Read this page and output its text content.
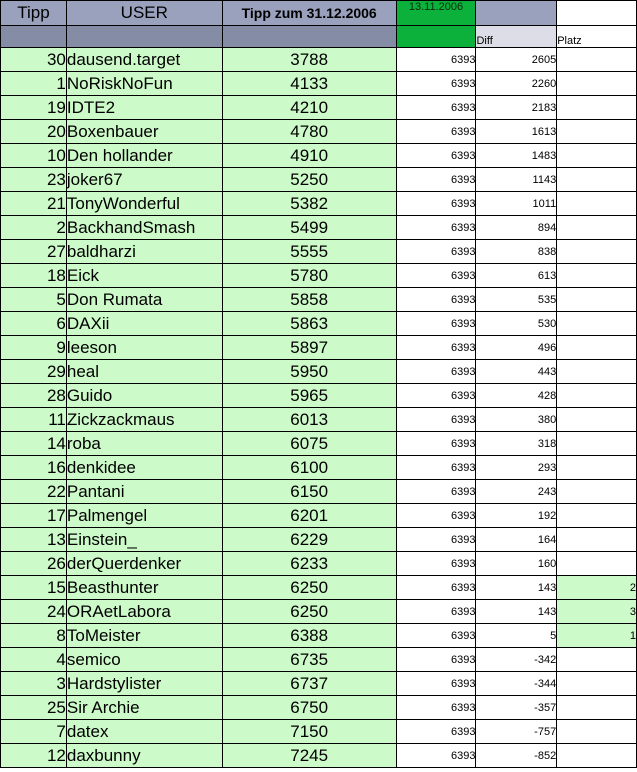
Tipp	USER	Tipp zum 31.12.2006	13.11.2006		
				Diff	Platz
30	dausend.target	3788	6393	2605	
1	NoRiskNoFun	4133	6393	2260	
19	IDTE2	4210	6393	2183	
20	Boxenbauer	4780	6393	1613	
10	Den hollander	4910	6393	1483	
23	joker67	5250	6393	1143	
21	TonyWonderful	5382	6393	1011	
2	BackhandSmash	5499	6393	894	
27	baldharzi	5555	6393	838	
18	Eick	5780	6393	613	
5	Don Rumata	5858	6393	535	
6	DAXii	5863	6393	530	
9	leeson	5897	6393	496	
29	heal	5950	6393	443	
28	Guido	5965	6393	428	
11	Zickzackmaus	6013	6393	380	
14	roba	6075	6393	318	
16	denkidee	6100	6393	293	
22	Pantani	6150	6393	243	
17	Palmengel	6201	6393	192	
13	Einstein_	6229	6393	164	
26	derQuerdenker	6233	6393	160	
15	Beasthunter	6250	6393	143	2
24	ORAetLabora	6250	6393	143	3
8	ToMeister	6388	6393	5	1
4	semico	6735	6393	-342	
3	Hardstylister	6737	6393	-344	
25	Sir Archie	6750	6393	-357	
7	datex	7150	6393	-757	
12	daxbunny	7245	6393	-852	
